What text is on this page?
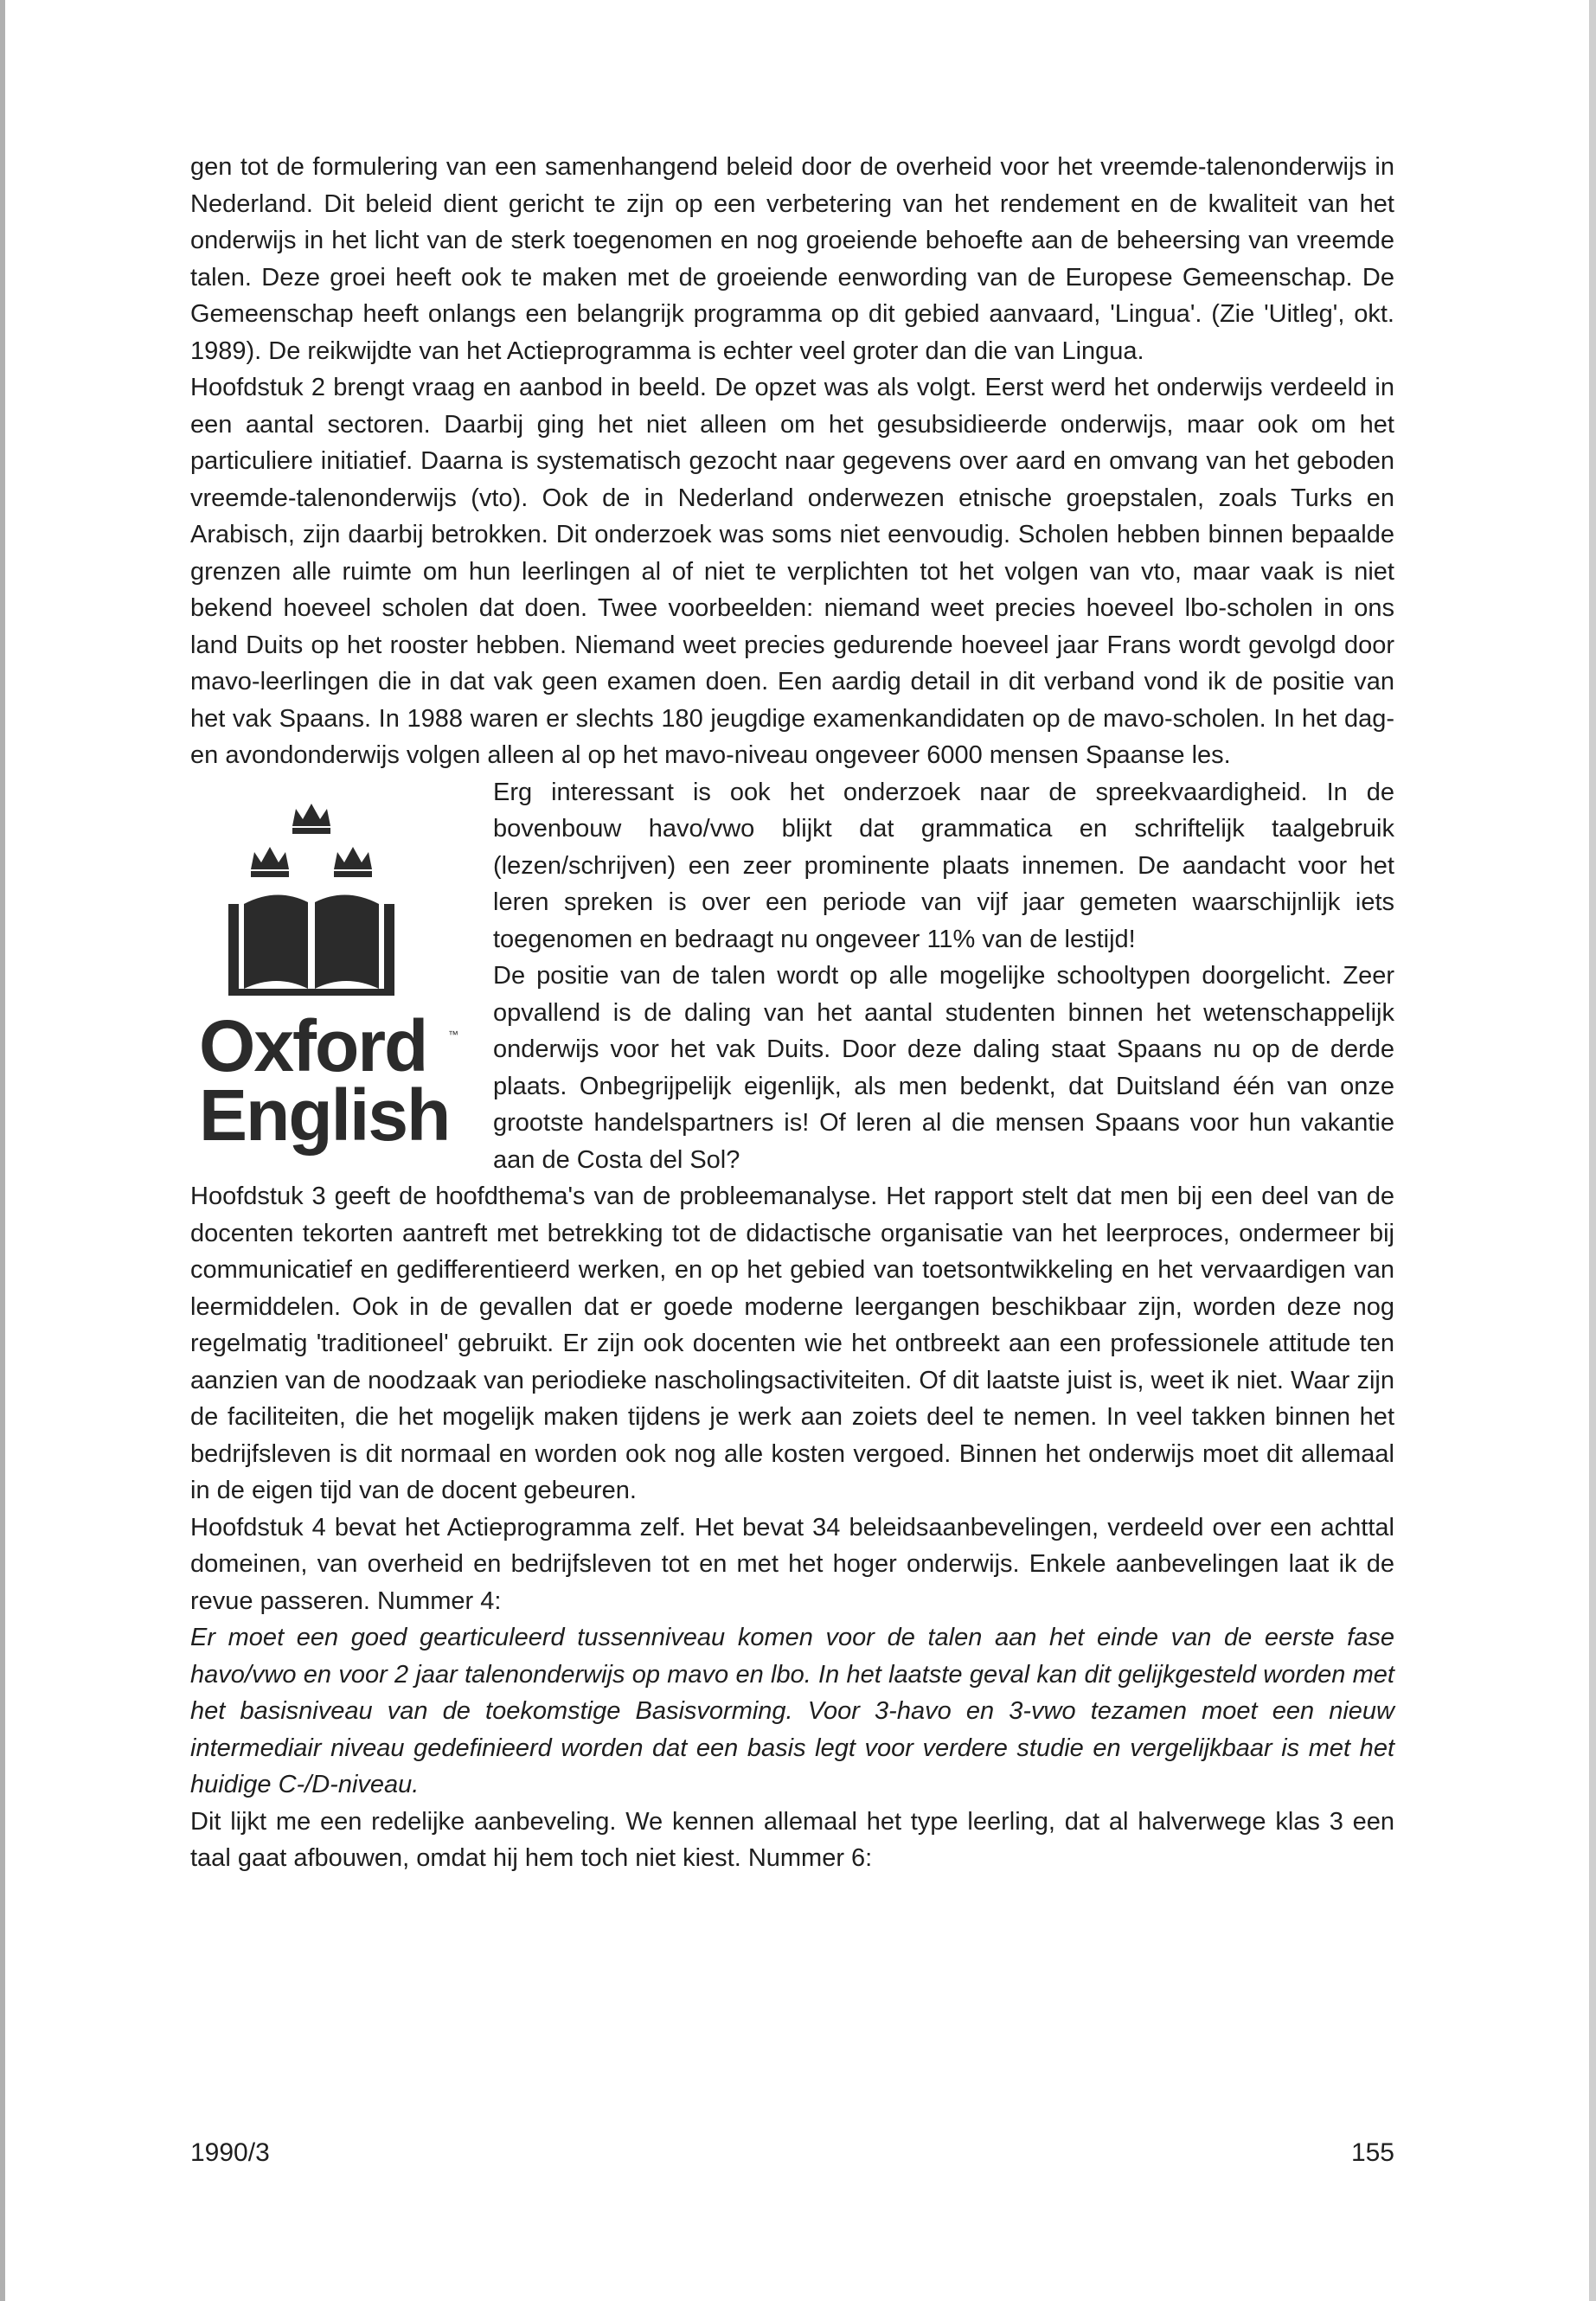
gen tot de formulering van een samenhangend beleid door de overheid voor het vreemde-talenonderwijs in Nederland. Dit beleid dient gericht te zijn op een verbetering van het rendement en de kwaliteit van het onderwijs in het licht van de sterk toegenomen en nog groeiende behoefte aan de beheersing van vreemde talen. Deze groei heeft ook te maken met de groeiende eenwording van de Europese Gemeenschap. De Gemeenschap heeft onlangs een belangrijk programma op dit gebied aanvaard, 'Lingua'. (Zie 'Uitleg', okt. 1989). De reikwijdte van het Actieprogramma is echter veel groter dan die van Lingua.

Hoofdstuk 2 brengt vraag en aanbod in beeld. De opzet was als volgt. Eerst werd het onderwijs verdeeld in een aantal sectoren. Daarbij ging het niet alleen om het gesubsidieerde onderwijs, maar ook om het particuliere initiatief. Daarna is systematisch gezocht naar gegevens over aard en omvang van het geboden vreemde-talenonderwijs (vto). Ook de in Nederland onderwezen etnische groepstalen, zoals Turks en Arabisch, zijn daarbij betrokken. Dit onderzoek was soms niet eenvoudig. Scholen hebben binnen bepaalde grenzen alle ruimte om hun leerlingen al of niet te verplichten tot het volgen van vto, maar vaak is niet bekend hoeveel scholen dat doen. Twee voorbeelden: niemand weet precies hoeveel lbo-scholen in ons land Duits op het rooster hebben. Niemand weet precies gedurende hoeveel jaar Frans wordt gevolgd door mavo-leerlingen die in dat vak geen examen doen. Een aardig detail in dit verband vond ik de positie van het vak Spaans. In 1988 waren er slechts 180 jeugdige examenkandidaten op de mavo-scholen. In het dag- en avondonderwijs volgen alleen al op het mavo-niveau ongeveer 6000 mensen Spaanse les.

Oxford ™
English

Erg interessant is ook het onderzoek naar de spreekvaardigheid. In de bovenbouw havo/vwo blijkt dat grammatica en schriftelijk taalgebruik (lezen/schrijven) een zeer prominente plaats innemen. De aandacht voor het leren spreken is over een periode van vijf jaar gemeten waarschijnlijk iets toegenomen en bedraagt nu ongeveer 11% van de lestijd!

De positie van de talen wordt op alle mogelijke schooltypen doorgelicht. Zeer opvallend is de daling van het aantal studenten binnen het wetenschappelijk onderwijs voor het vak Duits. Door deze daling staat Spaans nu op de derde plaats. Onbegrijpelijk eigenlijk, als men bedenkt, dat Duitsland één van onze grootste handelspartners is! Of leren al die mensen Spaans voor hun vakantie aan de Costa del Sol?

Hoofdstuk 3 geeft de hoofdthema's van de probleemanalyse. Het rapport stelt dat men bij een deel van de docenten tekorten aantreft met betrekking tot de didactische organisatie van het leerproces, ondermeer bij communicatief en gedifferentieerd werken, en op het gebied van toetsontwikkeling en het vervaardigen van leermiddelen. Ook in de gevallen dat er goede moderne leergangen beschikbaar zijn, worden deze nog regelmatig 'traditioneel' gebruikt. Er zijn ook docenten wie het ontbreekt aan een professionele attitude ten aanzien van de noodzaak van periodieke nascholingsactiviteiten. Of dit laatste juist is, weet ik niet. Waar zijn de faciliteiten, die het mogelijk maken tijdens je werk aan zoiets deel te nemen. In veel takken binnen het bedrijfsleven is dit normaal en worden ook nog alle kosten vergoed. Binnen het onderwijs moet dit allemaal in de eigen tijd van de docent gebeuren.

Hoofdstuk 4 bevat het Actieprogramma zelf. Het bevat 34 beleidsaanbevelingen, verdeeld over een achttal domeinen, van overheid en bedrijfsleven tot en met het hoger onderwijs. Enkele aanbevelingen laat ik de revue passeren. Nummer 4:

Er moet een goed gearticuleerd tussenniveau komen voor de talen aan het einde van de eerste fase havo/vwo en voor 2 jaar talenonderwijs op mavo en lbo. In het laatste geval kan dit gelijkgesteld worden met het basisniveau van de toekomstige Basisvorming. Voor 3-havo en 3-vwo tezamen moet een nieuw intermediair niveau gedefinieerd worden dat een basis legt voor verdere studie en vergelijkbaar is met het huidige C-/D-niveau.

Dit lijkt me een redelijke aanbeveling. We kennen allemaal het type leerling, dat al halverwege klas 3 een taal gaat afbouwen, omdat hij hem toch niet kiest. Nummer 6:

1990/3	155
